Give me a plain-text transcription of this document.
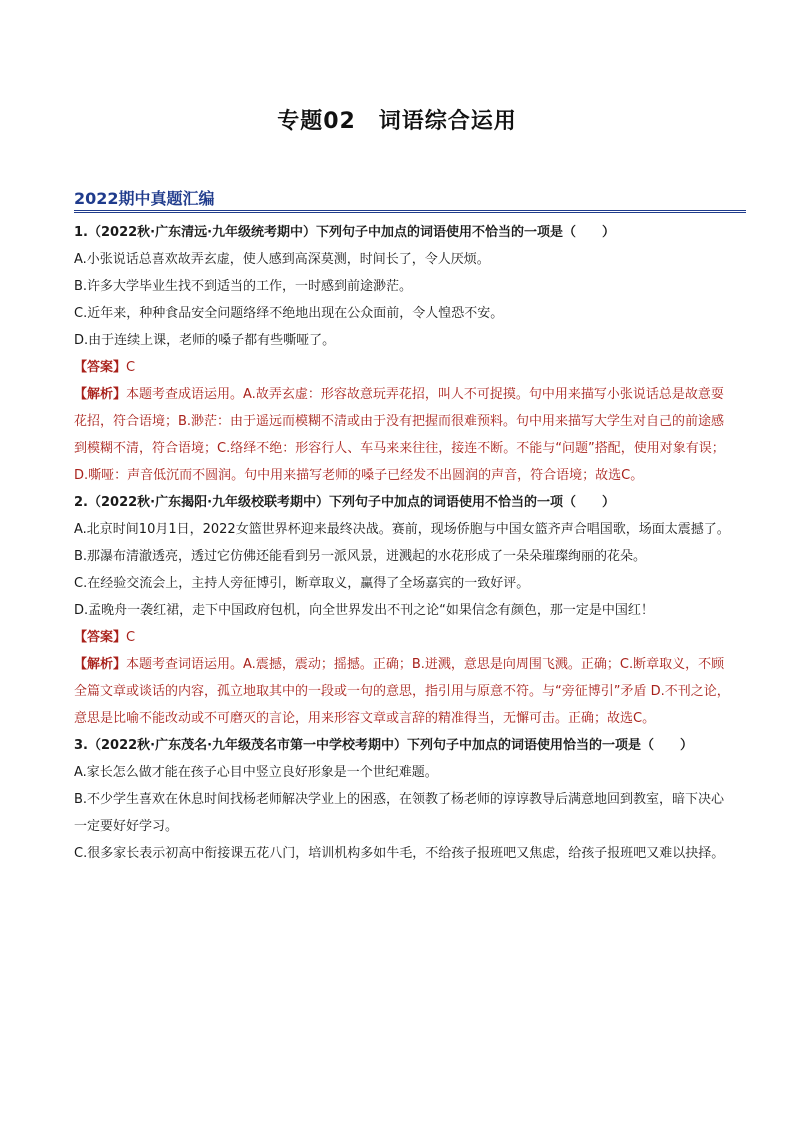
专题02　词语综合运用
2022期中真题汇编

1.（2022秋·广东清远·九年级统考期中）下列句子中加点的词语使用不恰当的一项是（　　）

A.小张说话总喜欢故弄玄虚，使人感到高深莫测，时间长了，令人厌烦。

B.许多大学毕业生找不到适当的工作，一时感到前途渺茫。

C.近年来，种种食品安全问题络绎不绝地出现在公众面前，令人惶恐不安。

D.由于连续上课，老师的嗓子都有些嘶哑了。

【答案】C

【解析】本题考查成语运用。A.故弄玄虚：形容故意玩弄花招，叫人不可捉摸。句中用来描写小张说话总是故意耍花招，符合语境；B.渺茫：由于遥远而模糊不清或由于没有把握而很难预料。句中用来描写大学生对自己的前途感到模糊不清，符合语境；C.络绎不绝：形容行人、车马来来往往，接连不断。不能与“问题”搭配，使用对象有误；D.嘶哑：声音低沉而不圆润。句中用来描写老师的嗓子已经发不出圆润的声音，符合语境；故选C。

2.（2022秋·广东揭阳·九年级校联考期中）下列句子中加点的词语使用不恰当的一项（　　）

A.北京时间10月1日，2022女篮世界杯迎来最终决战。赛前，现场侨胞与中国女篮齐声合唱国歌，场面太震撼了。

B.那瀑布清澈透亮，透过它仿佛还能看到另一派风景，迸溅起的水花形成了一朵朵璀璨绚丽的花朵。

C.在经验交流会上，主持人旁征博引，断章取义，赢得了全场嘉宾的一致好评。

D.孟晚舟一袭红裙，走下中国政府包机，向全世界发出不刊之论“如果信念有颜色，那一定是中国红！

【答案】C

【解析】本题考查词语运用。A.震撼，震动；摇撼。正确；B.迸溅，意思是向周围飞溅。正确；C.断章取义，不顾全篇文章或谈话的内容，孤立地取其中的一段或一句的意思，指引用与原意不符。与“旁征博引”矛盾 D.不刊之论，意思是比喻不能改动或不可磨灭的言论，用来形容文章或言辞的精准得当，无懈可击。正确；故选C。

3.（2022秋·广东茂名·九年级茂名市第一中学校考期中）下列句子中加点的词语使用恰当的一项是（　　）

A.家长怎么做才能在孩子心目中竖立良好形象是一个世纪难题。

B.不少学生喜欢在休息时间找杨老师解决学业上的困惑，在领教了杨老师的谆谆教导后满意地回到教室，暗下决心一定要好好学习。

C.很多家长表示初高中衔接课五花八门，培训机构多如牛毛，不给孩子报班吧又焦虑，给孩子报班吧又难以抉择。
